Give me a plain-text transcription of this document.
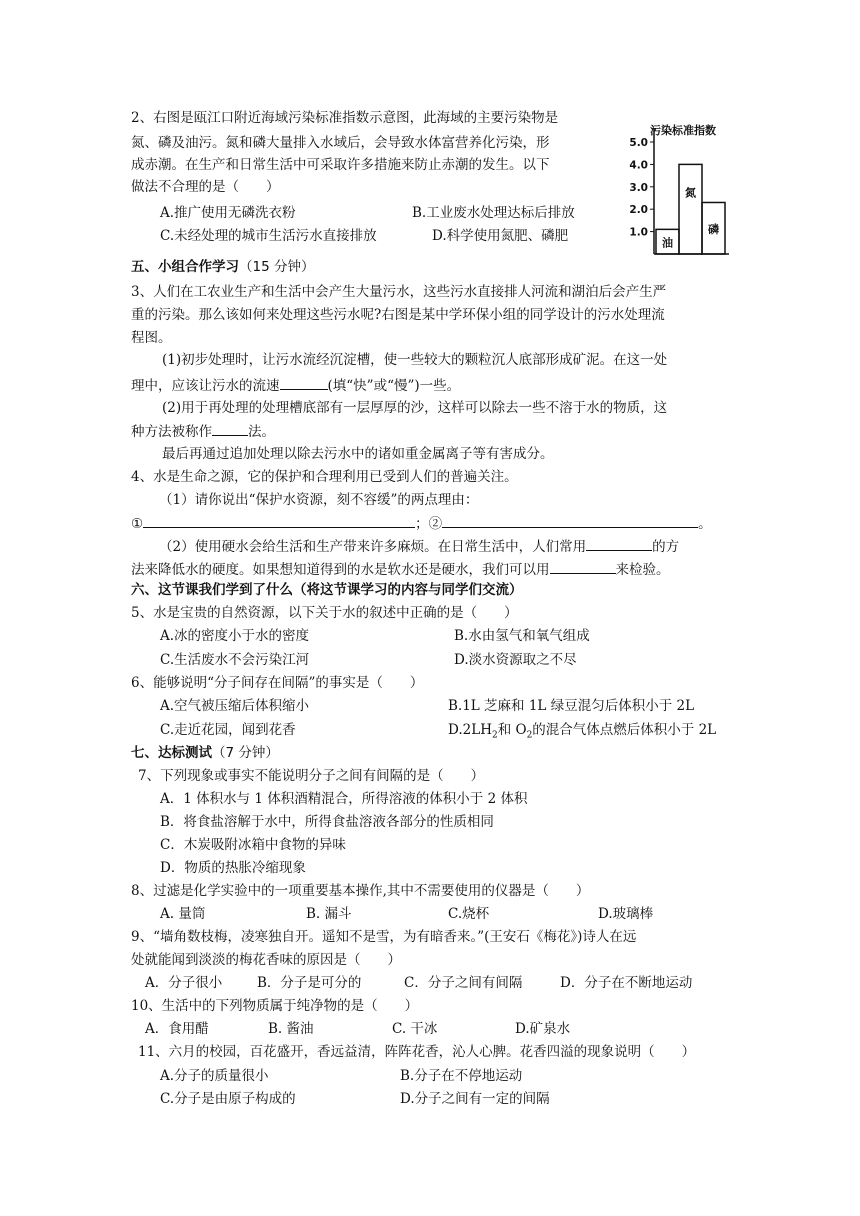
2、右图是瓯江口附近海域污染标准指数示意图，此海域的主要污染物是
氮、磷及油污。氮和磷大量排入水域后，会导致水体富营养化污染，形
成赤潮。在生产和日常生活中可采取许多措施来防止赤潮的发生。以下
做法不合理的是（　　）
A.推广使用无磷洗衣粉	B.工业废水处理达标后排放
C.未经处理的城市生活污水直接排放	D.科学使用氮肥、磷肥
污染标准指数
1.0
2.0
3.0
4.0
5.0
油
氮
磷
五、小组合作学习（15 分钟）
3、人们在工农业生产和生活中会产生大量污水，这些污水直接排人河流和湖泊后会产生严
重的污染。那么该如何来处理这些污水呢?右图是某中学环保小组的同学设计的污水处理流
程图。
(1)初步处理时，让污水流经沉淀槽，使一些较大的颗粒沉人底部形成矿泥。在这一处
理中，应该让污水的流速	(填“快”或“慢”)一些。
(2)用于再处理的处理槽底部有一层厚厚的沙，这样可以除去一些不溶于水的物质，这
种方法被称作	法。
最后再通过追加处理以除去污水中的诸如重金属离子等有害成分。
4、水是生命之源，它的保护和合理利用已受到人们的普遍关注。
（1）请你说出“保护水资源，刻不容缓”的两点理由：
①	；②	。
（2）使用硬水会给生活和生产带来许多麻烦。在日常生活中，人们常用	的方
法来降低水的硬度。如果想知道得到的水是软水还是硬水，我们可以用	来检验。
六、这节课我们学到了什么（将这节课学习的内容与同学们交流）
5、水是宝贵的自然资源，以下关于水的叙述中正确的是（　　）
A.冰的密度小于水的密度	B.水由氢气和氧气组成
C.生活废水不会污染江河	D.淡水资源取之不尽
6、能够说明“分子间存在间隔”的事实是（　　）
A.空气被压缩后体积缩小	B.1L 芝麻和 1L 绿豆混匀后体积小于 2L
C.走近花园，闻到花香	$D.2LH_2$和 $O_2$的混合气体点燃后体积小于 2L
七、达标测试（7 分钟）
7、下列现象或事实不能说明分子之间有间隔的是（　　）
A．1 体积水与 1 体积酒精混合，所得溶液的体积小于 2 体积
B．将食盐溶解于水中，所得食盐溶液各部分的性质相同
C．木炭吸附冰箱中食物的异味
D．物质的热胀冷缩现象
8、过滤是化学实验中的一项重要基本操作,其中不需要使用的仪器是（　　）
A. 量筒	B. 漏斗	C.烧杯	D.玻璃棒
9、“墙角数枝梅，凌寒独自开。遥知不是雪，为有暗香来。”(王安石《梅花》)诗人在远
处就能闻到淡淡的梅花香味的原因是（　　）
A．分子很小	B．分子是可分的	C．分子之间有间隔	D．分子在不断地运动
10、生活中的下列物质属于纯净物的是（　　）
A．食用醋	B. 酱油	C. 干冰	D.矿泉水
11、六月的校园，百花盛开，香远益清，阵阵花香，沁人心脾。花香四溢的现象说明（　　）
A.分子的质量很小	B.分子在不停地运动
C.分子是由原子构成的	D.分子之间有一定的间隔
